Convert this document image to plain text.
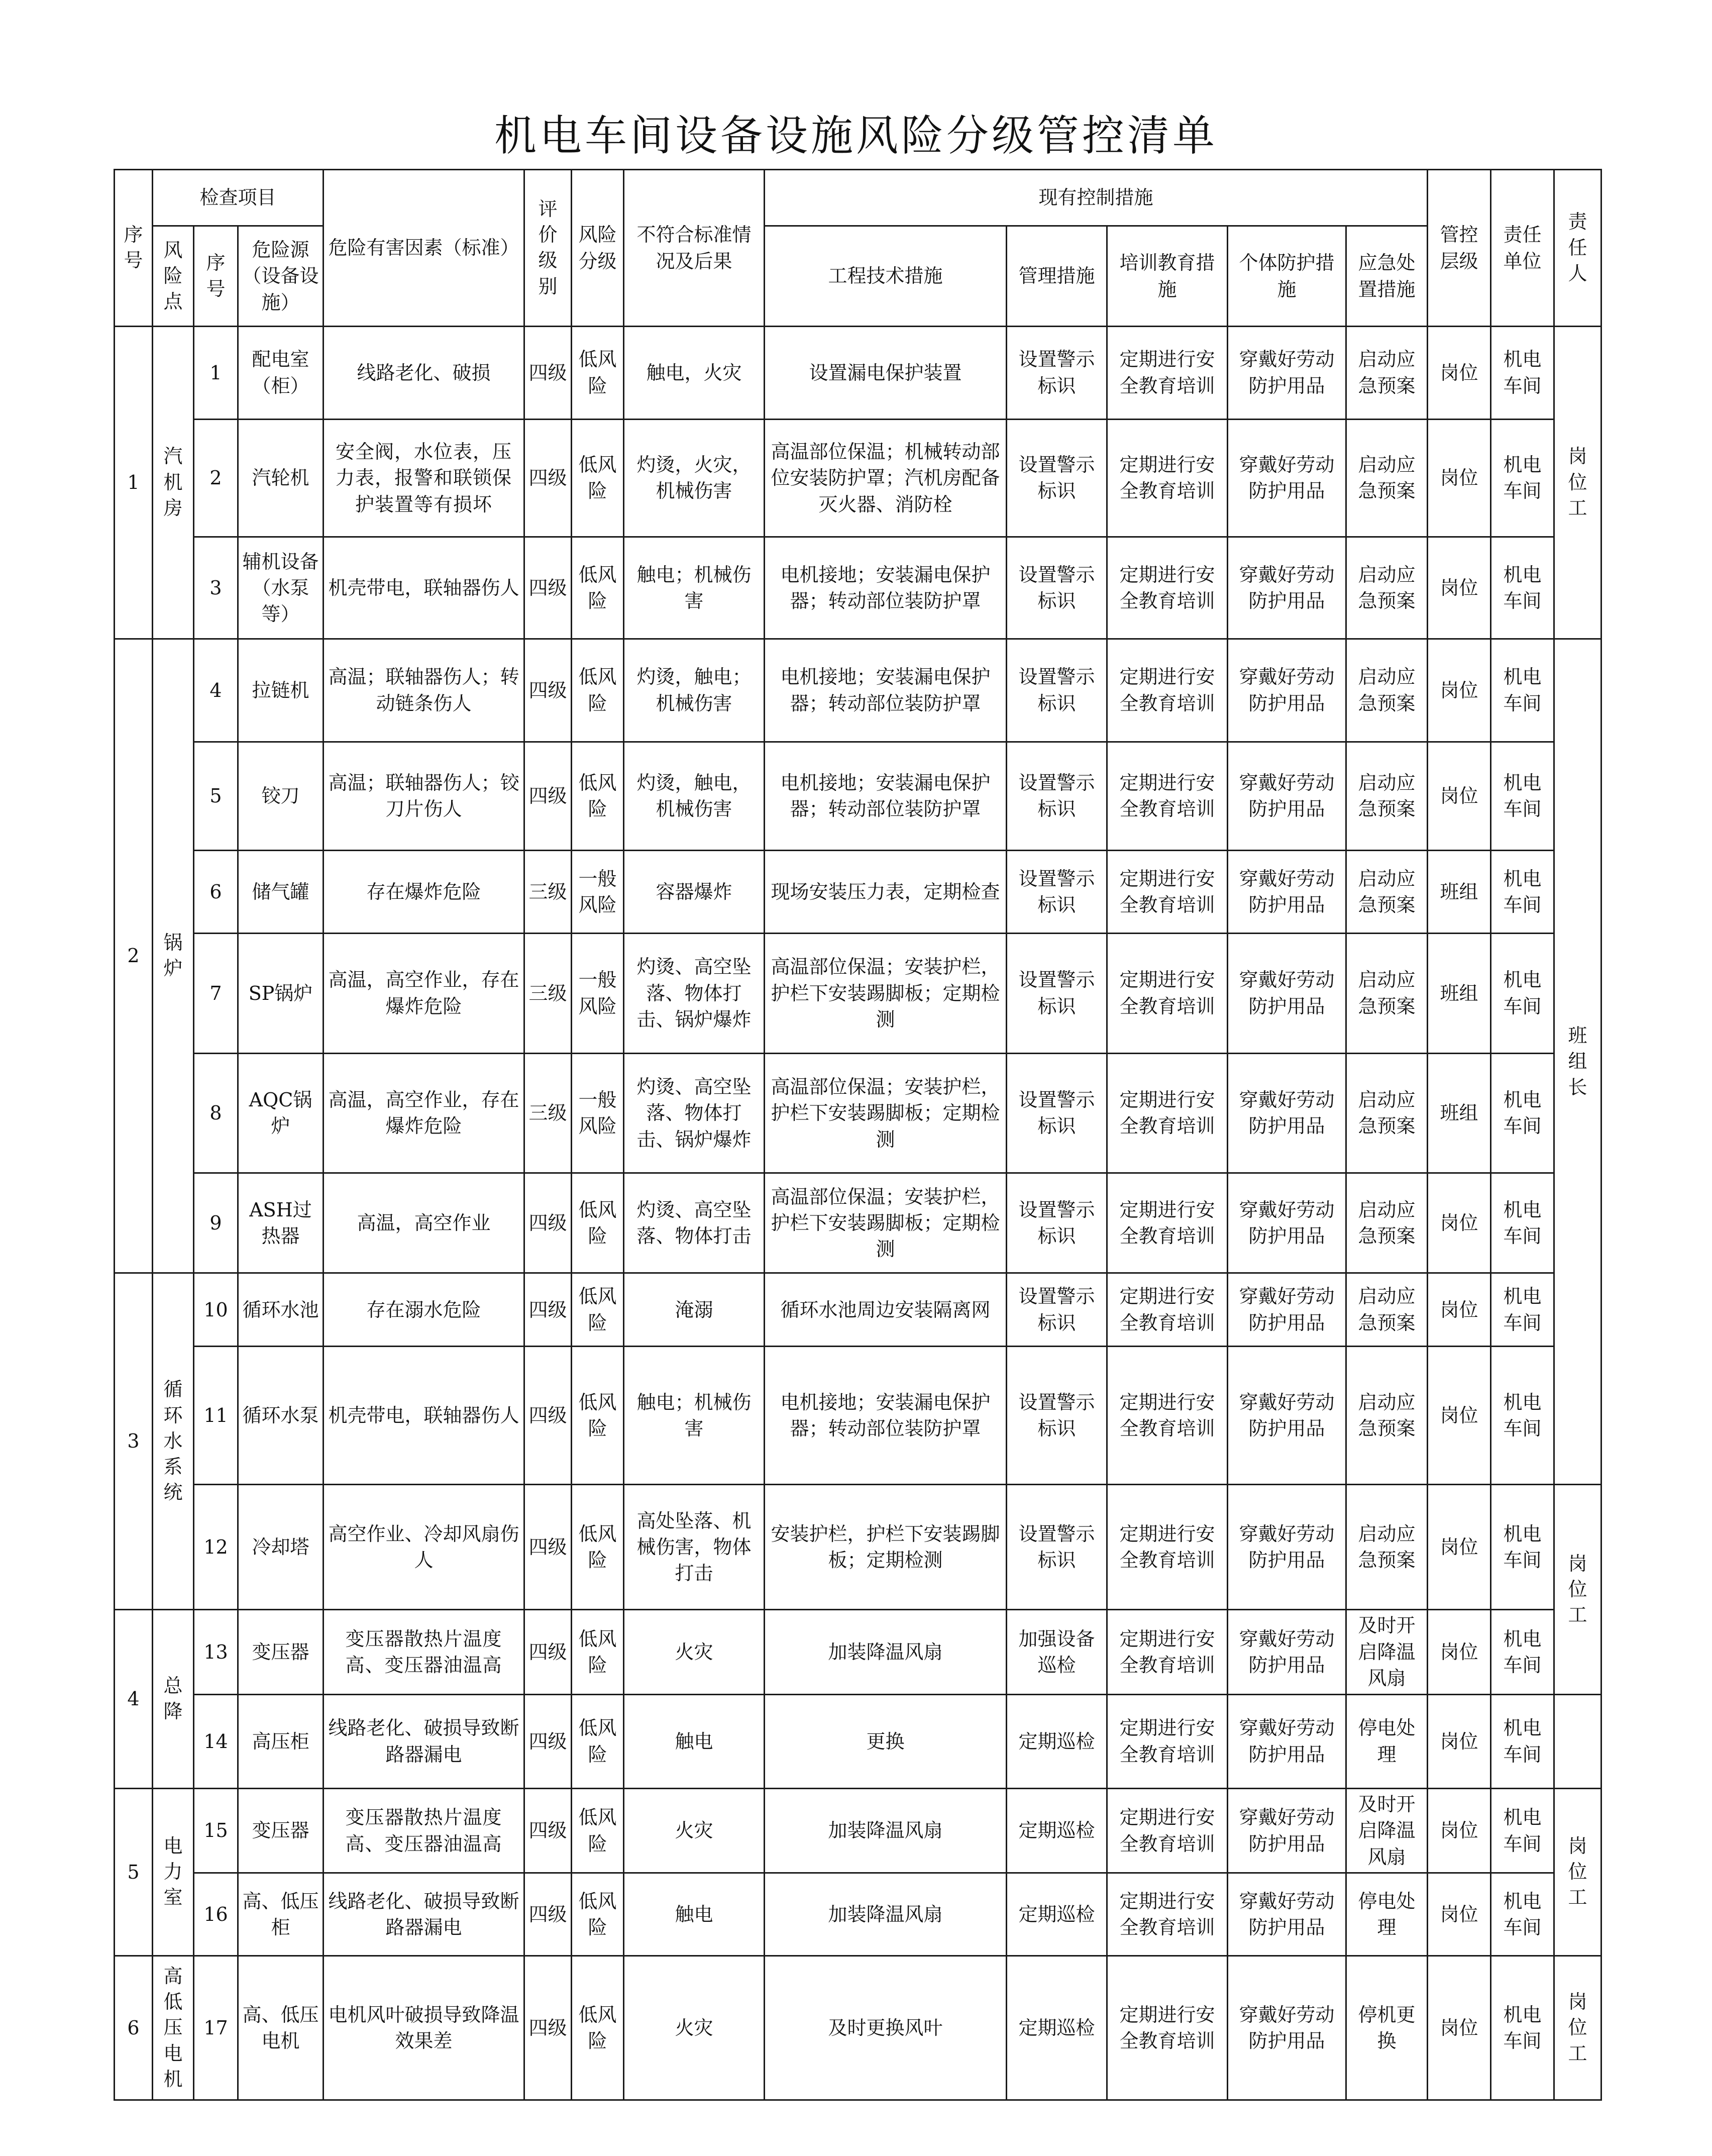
机电车间设备设施风险分级管控清单
序号	检查项目			危险有害因素（标准）	评价级别	风险分级	不符合标准情况及后果	现有控制措施					管控层级	责任单位	责任人	
	风险点	序号	危险源（设备设施）					工程技术措施	管理措施	培训教育措施	个体防护措施	应急处置措施				
1	汽机房	1	配电室（柜）	线路老化、破损	四级	低风险	触电，火灾	设置漏电保护装置	设置警示标识	定期进行安全教育培训	穿戴好劳动防护用品	启动应急预案	岗位	机电车间	岗位工	
		2	汽轮机	安全阀，水位表，压力表，报警和联锁保护装置等有损坏	四级	低风险	灼烫，火灾，机械伤害	高温部位保温；机械转动部位安装防护罩；汽机房配备灭火器、消防栓	设置警示标识	定期进行安全教育培训	穿戴好劳动防护用品	启动应急预案	岗位	机电车间		
		3	辅机设备（水泵等）	机壳带电，联轴器伤人	四级	低风险	触电；机械伤害	电机接地；安装漏电保护器；转动部位装防护罩	设置警示标识	定期进行安全教育培训	穿戴好劳动防护用品	启动应急预案	岗位	机电车间		
2	锅炉	4	拉链机	高温；联轴器伤人；转动链条伤人	四级	低风险	灼烫，触电；机械伤害	电机接地；安装漏电保护器；转动部位装防护罩	设置警示标识	定期进行安全教育培训	穿戴好劳动防护用品	启动应急预案	岗位	机电车间	班组长	
		5	铰刀	高温；联轴器伤人；铰刀片伤人	四级	低风险	灼烫，触电，机械伤害	电机接地；安装漏电保护器；转动部位装防护罩	设置警示标识	定期进行安全教育培训	穿戴好劳动防护用品	启动应急预案	岗位	机电车间		
		6	储气罐	存在爆炸危险	三级	一般风险	容器爆炸	现场安装压力表，定期检查	设置警示标识	定期进行安全教育培训	穿戴好劳动防护用品	启动应急预案	班组	机电车间		
		7	SP锅炉	高温，高空作业，存在爆炸危险	三级	一般风险	灼烫、高空坠落、物体打击、锅炉爆炸	高温部位保温；安装护栏，护栏下安装踢脚板；定期检测	设置警示标识	定期进行安全教育培训	穿戴好劳动防护用品	启动应急预案	班组	机电车间		
		8	AQC锅炉	高温，高空作业，存在爆炸危险	三级	一般风险	灼烫、高空坠落、物体打击、锅炉爆炸	高温部位保温；安装护栏，护栏下安装踢脚板；定期检测	设置警示标识	定期进行安全教育培训	穿戴好劳动防护用品	启动应急预案	班组	机电车间		
		9	ASH过热器	高温，高空作业	四级	低风险	灼烫、高空坠落、物体打击	高温部位保温；安装护栏，护栏下安装踢脚板；定期检测	设置警示标识	定期进行安全教育培训	穿戴好劳动防护用品	启动应急预案	岗位	机电车间		
3	循环水系统	10	循环水池	存在溺水危险	四级	低风险	淹溺	循环水池周边安装隔离网	设置警示标识	定期进行安全教育培训	穿戴好劳动防护用品	启动应急预案	岗位	机电车间		
		11	循环水泵	机壳带电，联轴器伤人	四级	低风险	触电；机械伤害	电机接地；安装漏电保护器；转动部位装防护罩	设置警示标识	定期进行安全教育培训	穿戴好劳动防护用品	启动应急预案	岗位	机电车间		
		12	冷却塔	高空作业、冷却风扇伤人	四级	低风险	高处坠落、机械伤害，物体打击	安装护栏，护栏下安装踢脚板；定期检测	设置警示标识	定期进行安全教育培训	穿戴好劳动防护用品	启动应急预案	岗位	机电车间	岗位工	
4	总降	13	变压器	变压器散热片温度高、变压器油温高	四级	低风险	火灾	加装降温风扇	加强设备巡检	定期进行安全教育培训	穿戴好劳动防护用品	及时开启降温风扇	岗位	机电车间	
		14	高压柜	线路老化、破损导致断路器漏电	四级	低风险	触电	更换	定期巡检	定期进行安全教育培训	穿戴好劳动防护用品	停电处理	岗位	机电车间		
5	电力室	15	变压器	变压器散热片温度高、变压器油温高	四级	低风险	火灾	加装降温风扇	定期巡检	定期进行安全教育培训	穿戴好劳动防护用品	及时开启降温风扇	岗位	机电车间	岗位工	
		16	高、低压柜	线路老化、破损导致断路器漏电	四级	低风险	触电	加装降温风扇	定期巡检	定期进行安全教育培训	穿戴好劳动防护用品	停电处理	岗位	机电车间		
6	高低压电机	17	高、低压电机	电机风叶破损导致降温效果差	四级	低风险	火灾	及时更换风叶	定期巡检	定期进行安全教育培训	穿戴好劳动防护用品	停机更换	岗位	机电车间	岗位工	
